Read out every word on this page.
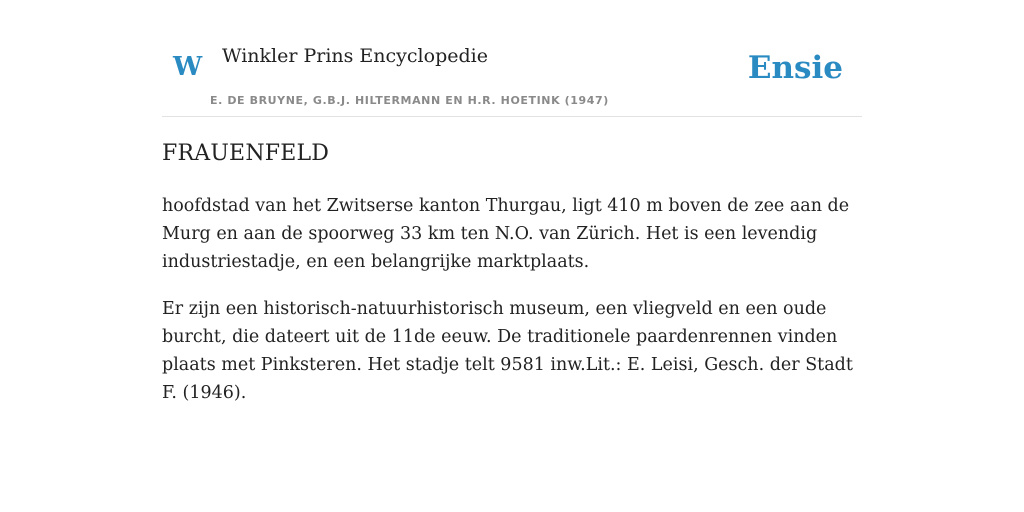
W Winkler Prins Encyclopedie
E. DE BRUYNE, G.B.J. HILTERMANN EN H.R. HOETINK (1947)
Ensie
FRAUENFELD

hoofdstad van het Zwitserse kanton Thurgau, ligt 410 m boven de zee aan de Murg en aan de spoorweg 33 km ten N.O. van Zürich. Het is een levendig industriestadje, en een belangrijke marktplaats.

Er zijn een historisch-natuurhistorisch museum, een vliegveld en een oude burcht, die dateert uit de 11de eeuw. De traditionele paardenrennen vinden plaats met Pinksteren. Het stadje telt 9581 inw.Lit.: E. Leisi, Gesch. der Stadt F. (1946).
